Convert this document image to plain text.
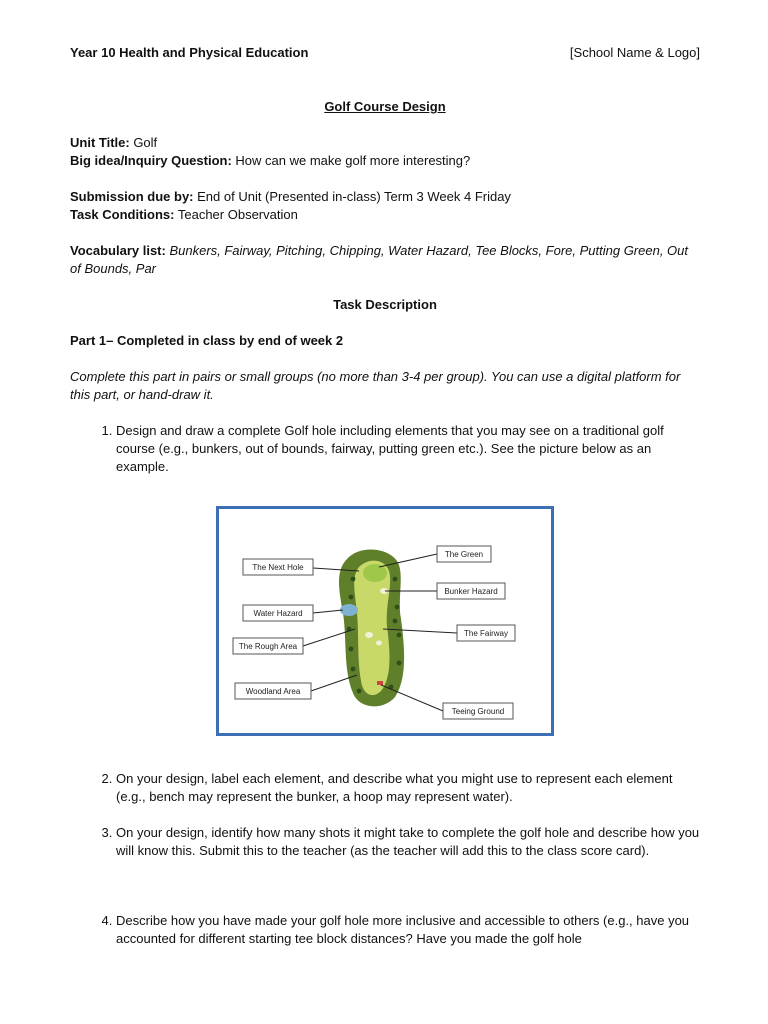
Year 10 Health and Physical Education	[School Name & Logo]
Golf Course Design
Unit Title: Golf
Big idea/Inquiry Question: How can we make golf more interesting?
Submission due by: End of Unit (Presented in-class) Term 3 Week 4 Friday
Task Conditions: Teacher Observation
Vocabulary list: Bunkers, Fairway, Pitching, Chipping, Water Hazard, Tee Blocks, Fore, Putting Green, Out of Bounds, Par
Task Description
Part 1– Completed in class by end of week 2
Complete this part in pairs or small groups (no more than 3-4 per group). You can use a digital platform for this part, or hand-draw it.
1. Design and draw a complete Golf hole including elements that you may see on a traditional golf course (e.g., bunkers, out of bounds, fairway, putting green etc.). See the picture below as an example.
The Next Hole
Water Hazard
The Rough Area
Woodland Area
The Green
Bunker Hazard
The Fairway
Teeing Ground
2. On your design, label each element, and describe what you might use to represent each element (e.g., bench may represent the bunker, a hoop may represent water).
3. On your design, identify how many shots it might take to complete the golf hole and describe how you will know this. Submit this to the teacher (as the teacher will add this to the class score card).
4. Describe how you have made your golf hole more inclusive and accessible to others (e.g., have you accounted for different starting tee block distances? Have you made the golf hole
